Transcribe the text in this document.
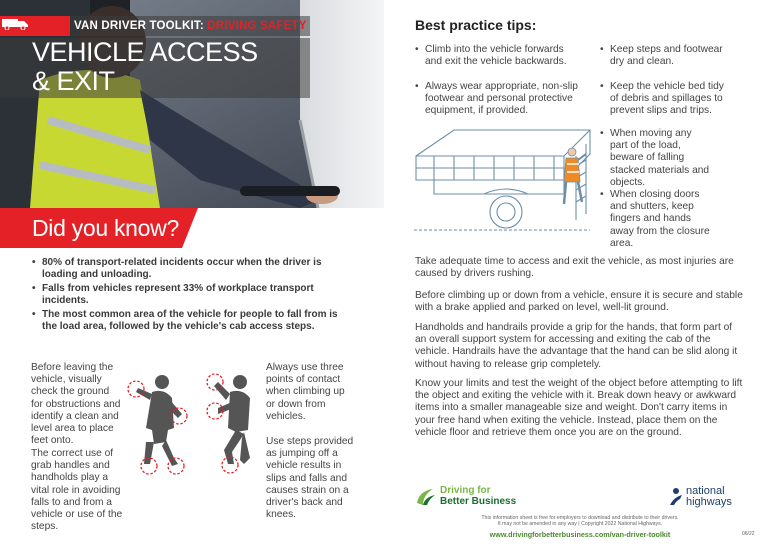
VAN DRIVER TOOLKIT: DRIVING SAFETY
VEHICLE ACCESS
& EXIT
Did you know?
• 80% of transport-related incidents occur when the driver is loading and unloading.
• Falls from vehicles represent 33% of workplace transport incidents.
• The most common area of the vehicle for people to fall from is the load area, followed by the vehicle's cab access steps.
Before leaving the vehicle, visually check the ground for obstructions and identify a clean and level area to place feet onto.
The correct use of grab handles and handholds play a vital role in avoiding falls to and from a vehicle or use of the steps.
Always use three points of contact when climbing up or down from vehicles.
Use steps provided as jumping off a vehicle results in slips and falls and causes strain on a driver's back and knees.
Best practice tips:
• Climb into the vehicle forwards and exit the vehicle backwards.
• Always wear appropriate, non-slip footwear and personal protective equipment, if provided.
• Keep steps and footwear dry and clean.
• Keep the vehicle bed tidy of debris and spillages to prevent slips and trips.
• When moving any part of the load, beware of falling stacked materials and objects.
• When closing doors and shutters, keep fingers and hands away from the closure area.
Take adequate time to access and exit the vehicle, as most injuries are caused by drivers rushing.
Before climbing up or down from a vehicle, ensure it is secure and stable with a brake applied and parked on level, well-lit ground.
Handholds and handrails provide a grip for the hands, that form part of an overall support system for accessing and exiting the cab of the vehicle. Handrails have the advantage that the hand can be slid along it without having to release grip completely.
Know your limits and test the weight of the object before attempting to lift the object and exiting the vehicle with it. Break down heavy or awkward items into a smaller manageable size and weight. Don't carry items in your free hand when exiting the vehicle. Instead, place them on the vehicle floor and retrieve them once you are on the ground.
Driving for
Better Business
national
highways
This information sheet is free for employers to download and distribute to their drivers.
It may not be amended in any way | Copyright 2022 National Highways.
www.drivingforbetterbusiness.com/van-driver-toolkit	06/22
